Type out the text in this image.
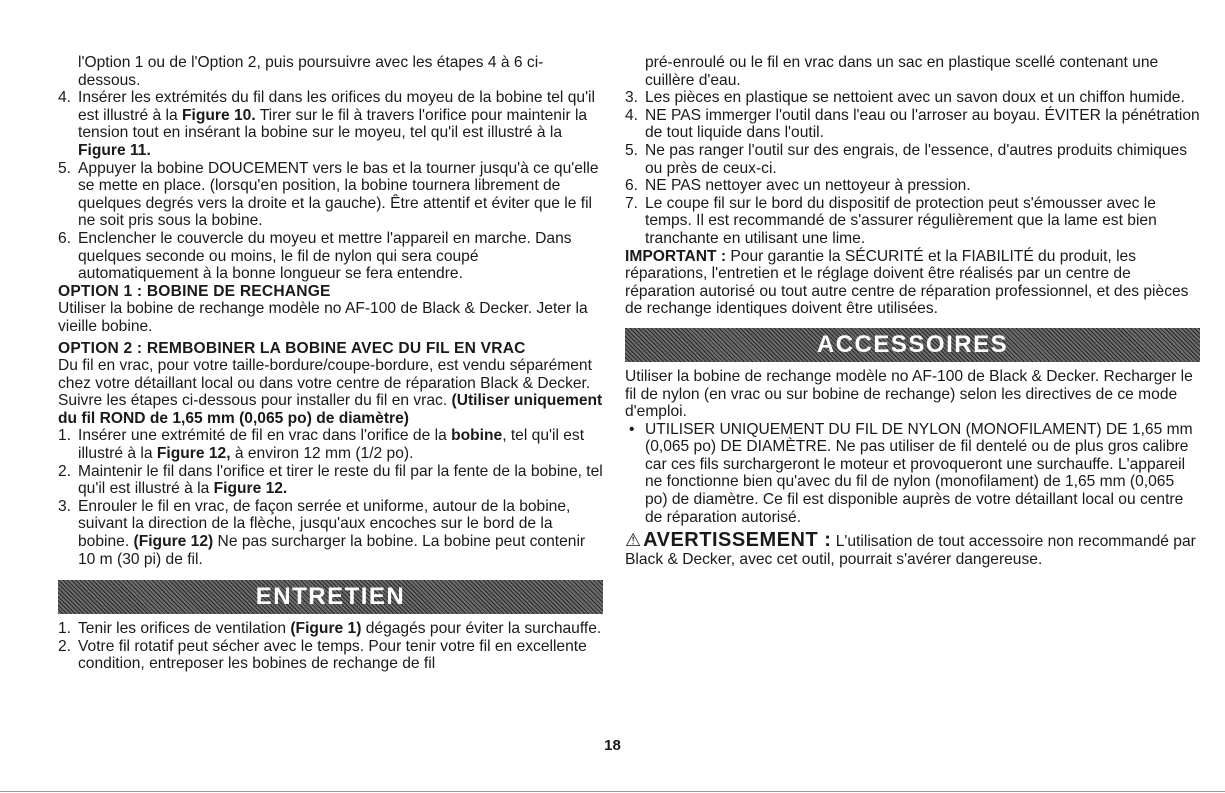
l'Option 1 ou de l'Option 2, puis poursuivre avec les étapes 4 à 6 ci-dessous.

4. Insérer les extrémités du fil dans les orifices du moyeu de la bobine tel qu'il est illustré à la Figure 10. Tirer sur le fil à travers l'orifice pour maintenir la tension tout en insérant la bobine sur le moyeu, tel qu'il est illustré à la Figure 11.
5. Appuyer la bobine DOUCEMENT vers le bas et la tourner jusqu'à ce qu'elle se mette en place. (lorsqu'en position, la bobine tournera librement de quelques degrés vers la droite et la gauche). Être attentif et éviter que le fil ne soit pris sous la bobine.
6. Enclencher le couvercle du moyeu et mettre l'appareil en marche. Dans quelques seconde ou moins, le fil de nylon qui sera coupé automatiquement à la bonne longueur se fera entendre.

OPTION 1 : BOBINE DE RECHANGE

Utiliser la bobine de rechange modèle no AF-100 de Black & Decker. Jeter la vieille bobine.

OPTION 2 : REMBOBINER LA BOBINE AVEC DU FIL EN VRAC

Du fil en vrac, pour votre taille-bordure/coupe-bordure, est vendu séparément chez votre détaillant local ou dans votre centre de réparation Black & Decker. Suivre les étapes ci-dessous pour installer du fil en vrac. (Utiliser uniquement du fil ROND de 1,65 mm (0,065 po) de diamètre)

1. Insérer une extrémité de fil en vrac dans l'orifice de la bobine, tel qu'il est illustré à la Figure 12, à environ 12 mm (1/2 po).
2. Maintenir le fil dans l'orifice et tirer le reste du fil par la fente de la bobine, tel qu'il est illustré à la Figure 12.
3. Enrouler le fil en vrac, de façon serrée et uniforme, autour de la bobine, suivant la direction de la flèche, jusqu'aux encoches sur le bord de la bobine. (Figure 12) Ne pas surcharger la bobine. La bobine peut contenir 10 m (30 pi) de fil.
ENTRETIEN
1. Tenir les orifices de ventilation (Figure 1) dégagés pour éviter la surchauffe.
2. Votre fil rotatif peut sécher avec le temps. Pour tenir votre fil en excellente condition, entreposer les bobines de rechange de fil

pré-enroulé ou le fil en vrac dans un sac en plastique scellé contenant une cuillère d'eau.

3. Les pièces en plastique se nettoient avec un savon doux et un chiffon humide.
4. NE PAS immerger l'outil dans l'eau ou l'arroser au boyau. ÉVITER la pénétration de tout liquide dans l'outil.
5. Ne pas ranger l'outil sur des engrais, de l'essence, d'autres produits chimiques ou près de ceux-ci.
6. NE PAS nettoyer avec un nettoyeur à pression.
7. Le coupe fil sur le bord du dispositif de protection peut s'émousser avec le temps. Il est recommandé de s'assurer régulièrement que la lame est bien tranchante en utilisant une lime.

IMPORTANT : Pour garantie la SÉCURITÉ et la FIABILITÉ du produit, les réparations, l'entretien et le réglage doivent être réalisés par un centre de réparation autorisé ou tout autre centre de réparation professionnel, et des pièces de rechange identiques doivent être utilisées.

ACCESSOIRES

Utiliser la bobine de rechange modèle no AF-100 de Black & Decker. Recharger le fil de nylon (en vrac ou sur bobine de rechange) selon les directives de ce mode d'emploi.

• UTILISER UNIQUEMENT DU FIL DE NYLON (MONOFILAMENT) DE 1,65 mm (0,065 po) DE DIAMÈTRE. Ne pas utiliser de fil dentelé ou de plus gros calibre car ces fils surchargeront le moteur et provoqueront une surchauffe. L'appareil ne fonctionne bien qu'avec du fil de nylon (monofilament) de 1,65 mm (0,065 po) de diamètre. Ce fil est disponible auprès de votre détaillant local ou centre de réparation autorisé.

⚠ AVERTISSEMENT : L'utilisation de tout accessoire non recommandé par Black & Decker, avec cet outil, pourrait s'avérer dangereuse.

18
